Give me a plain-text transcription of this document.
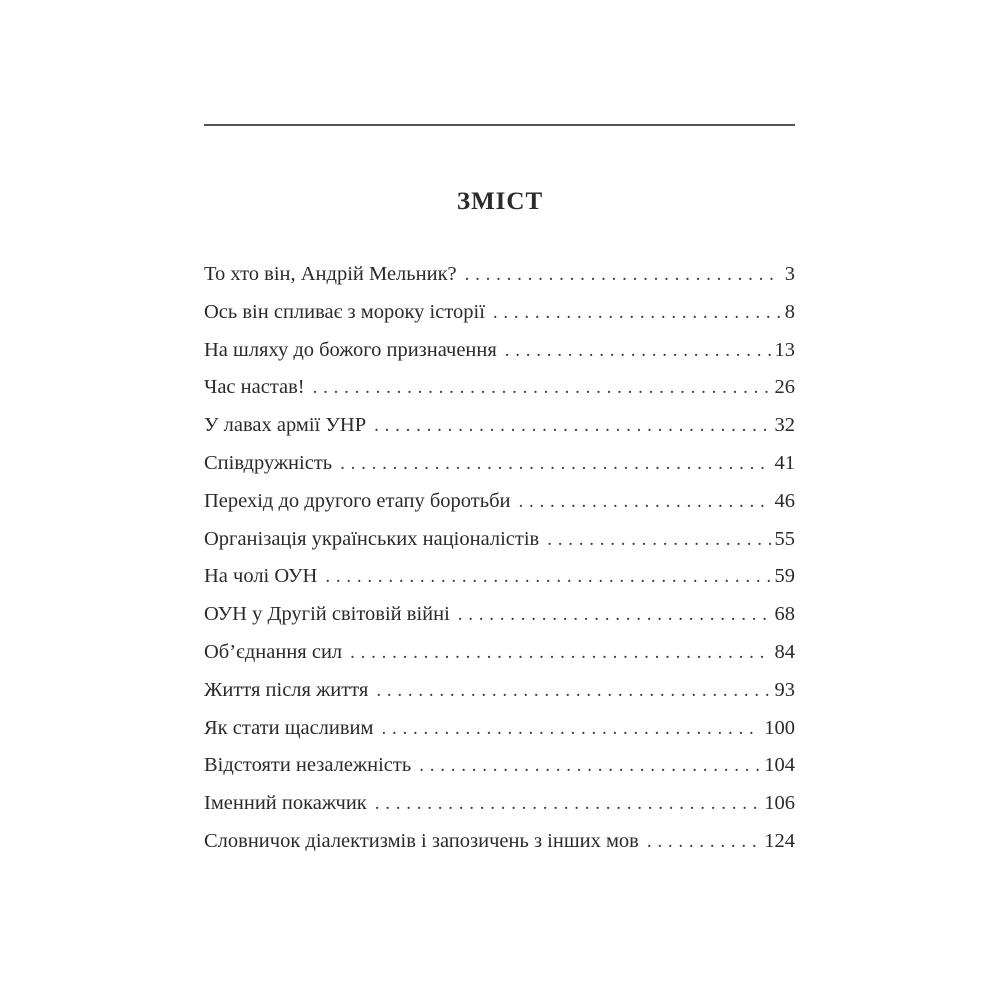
ЗМІСТ
То хто він, Андрій Мельник? . . .	3
Ось він спливає з мороку історії . . .	8
На шляху до божого призначення . . .	13
Час настав! . . .	26
У лавах армії УНР . . .	32
Співдружність . . .	41
Перехід до другого етапу боротьби . . .	46
Організація українських націоналістів . . .	55
На чолі ОУН . . .	59
ОУН у Другій світовій війні . . .	68
Об’єднання сил . . .	84
Життя після життя . . .	93
Як стати щасливим . . .	100
Відстояти незалежність . . .	104
Іменний покажчик . . .	106
Словничок діалектизмів і запозичень з інших мов . . .	124
